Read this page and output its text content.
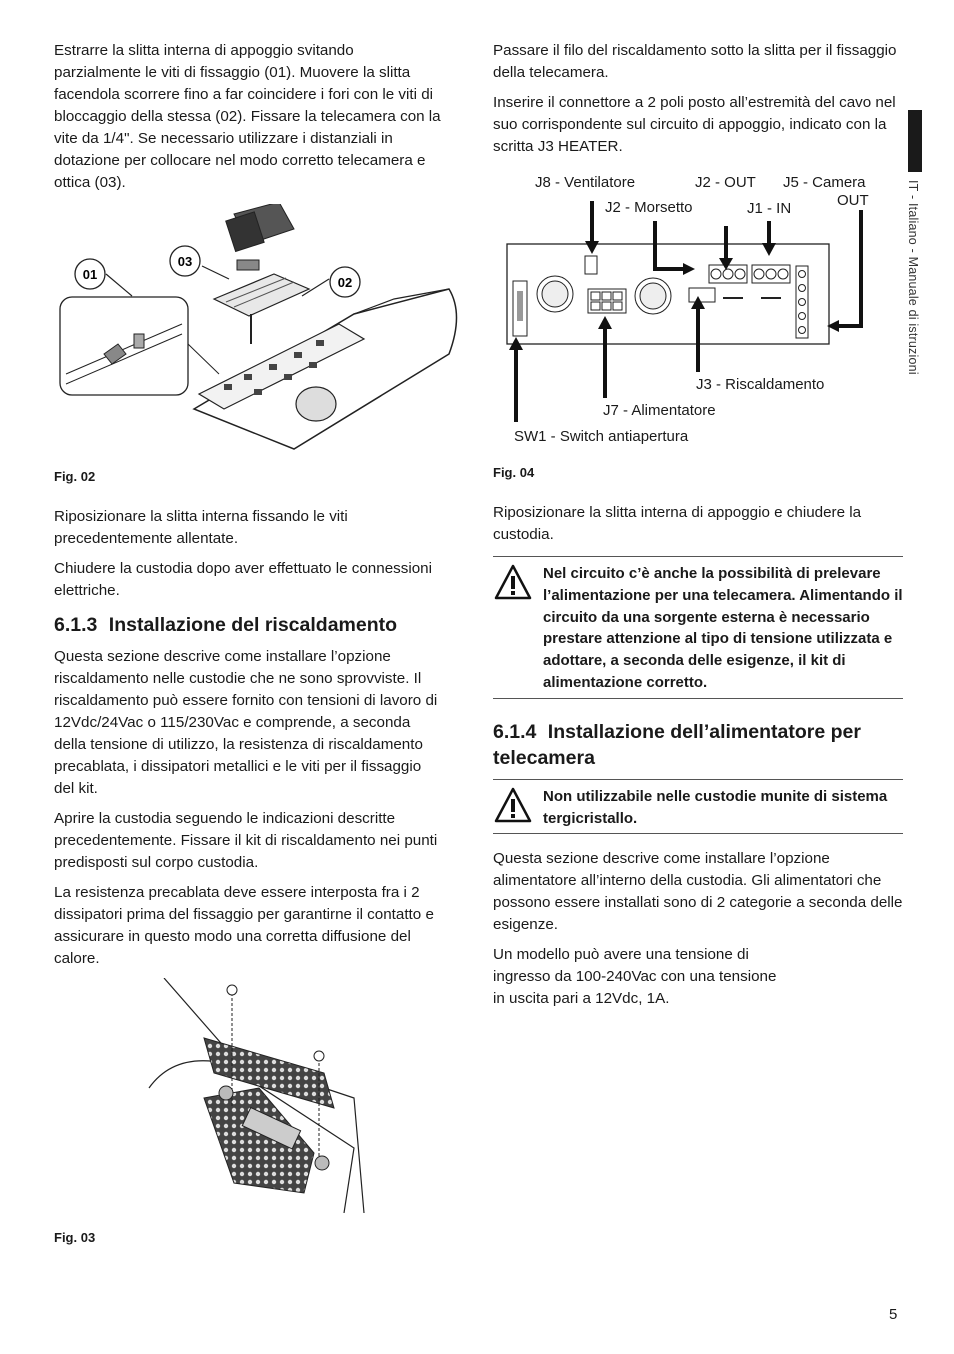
Estrarre la slitta interna di appoggio svitando parzialmente le viti di fissaggio (01). Muovere la slitta facendola scorrere fino a far coincidere i fori con le viti di bloccaggio della stessa (02). Fissare la telecamera con la vite da 1/4". Se necessario utilizzare i distanziali in dotazione per collocare nel modo corretto telecamera e ottica (03).

01
03
02

Fig. 02

Riposizionare la slitta interna fissando le viti precedentemente allentate.

Chiudere la custodia dopo aver effettuato le connessioni elettriche.

6.1.3 Installazione del riscaldamento

Questa sezione descrive come installare l’opzione riscaldamento nelle custodie che ne sono sprovviste. Il riscaldamento può essere fornito con tensioni di lavoro di 12Vdc/24Vac o 115/230Vac e comprende, a seconda della tensione di utilizzo, la resistenza di riscaldamento precablata, i dissipatori metallici e le viti per il fissaggio del kit.

Aprire la custodia seguendo le indicazioni descritte precedentemente. Fissare il kit di riscaldamento nei punti predisposti sul corpo custodia.

La resistenza precablata deve essere interposta fra i 2 dissipatori prima del fissaggio per garantirne il contatto e assicurare in questo modo una corretta diffusione del calore.

Fig. 03

Passare il filo del riscaldamento sotto la slitta per il fissaggio della telecamera.

Inserire il connettore a 2 poli posto all’estremità del cavo nel suo corrispondente sul circuito di appoggio, indicato con la scritta J3 HEATER.

J8 - Ventilatore	J2 - OUT J5 - Camera
OUT
J2 - Morsetto	J1 - IN
J3 - Riscaldamento
J7 - Alimentatore
SW1 - Switch antiapertura

Fig. 04

Riposizionare la slitta interna di appoggio e chiudere la custodia.

Nel circuito c’è anche la possibilità di prelevare l’alimentazione per una telecamera. Alimentando il circuito da una sorgente esterna è necessario prestare attenzione al tipo di tensione utilizzata e adottare, a seconda delle esigenze, il kit di alimentazione corretto.
6.1.4 Installazione dell’alimentatore per telecamera
Non utilizzabile nelle custodie munite di sistema tergicristallo.

Questa sezione descrive come installare l’opzione alimentatore all’interno della custodia. Gli alimentatori che possono essere installati sono di 2 categorie a seconda delle esigenze.

Un modello può avere una tensione di ingresso da 100-240Vac con una tensione in uscita pari a 12Vdc, 1A.

IT - Italiano - Manuale di istruzioni
5
